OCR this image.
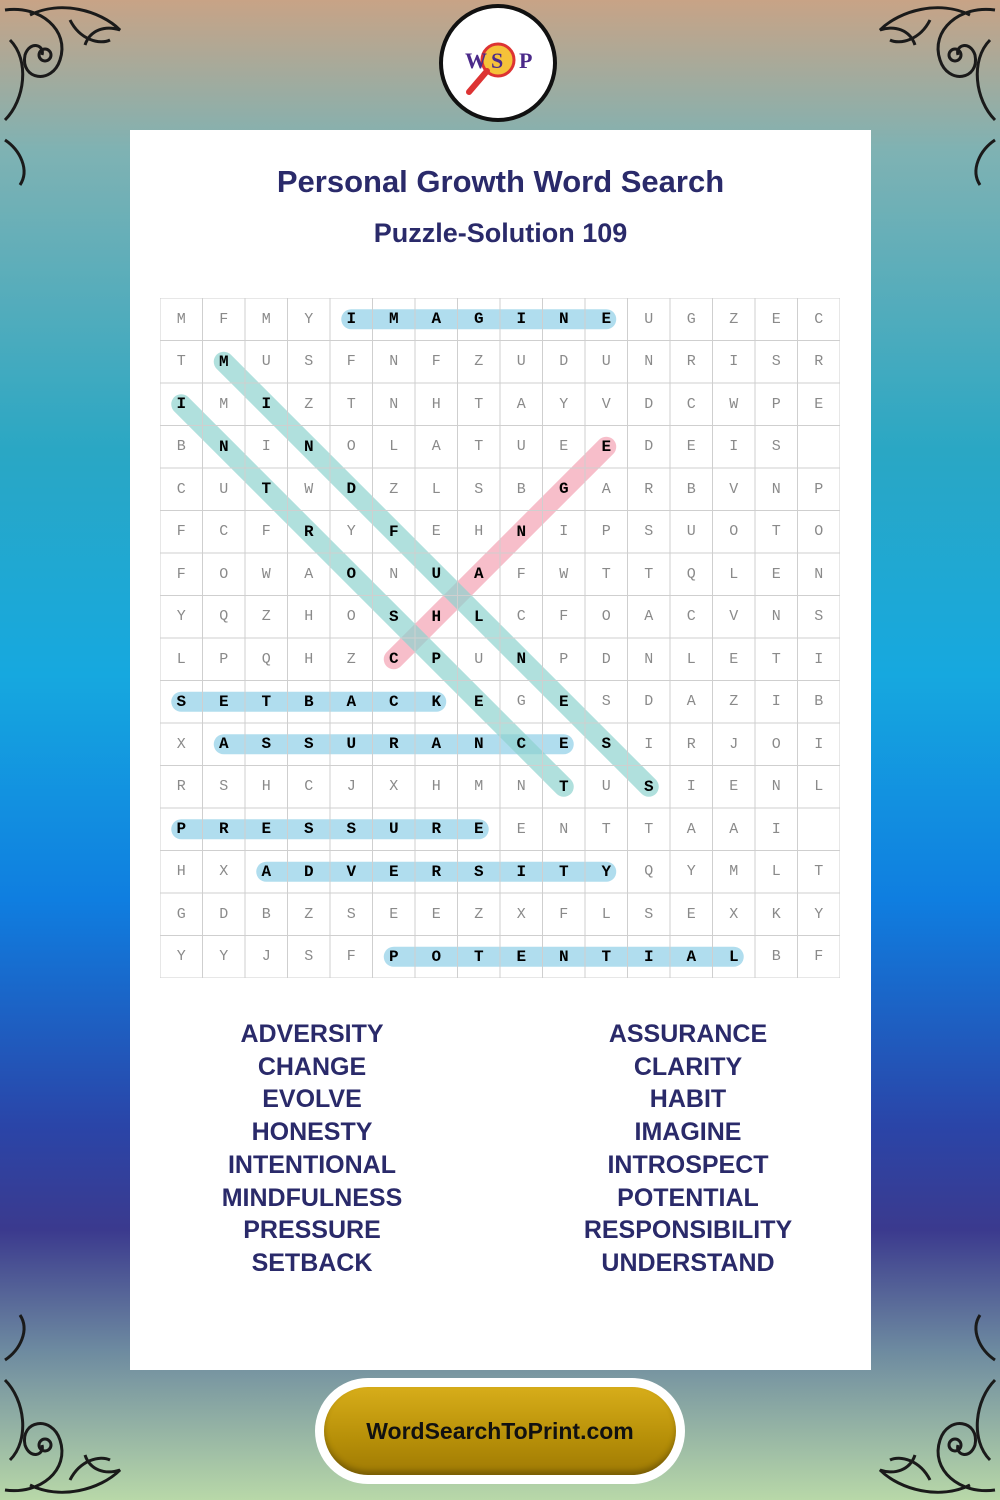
W S P
Personal Growth Word Search
Puzzle-Solution 109
M	F	M	Y	I	M	A	G	I	N	E	U	G	Z	E	C
T	M	U	S	F	N	F	Z	U	D	U	N	R	I	S	R
I	M	I	Z	T	N	H	T	A	Y	V	D	C	W	P	E
B	N	I	N	O	L	A	T	U	E	E	D	E	I	S
C	U	T	W	D	Z	L	S	B	G	A	R	B	V	N	P
F	C	F	R	Y	F	E	H	N	I	P	S	U	O	T	O
F	O	W	A	O	N	U	A	F	W	T	T	Q	L	E	N
Y	Q	Z	H	O	S	H	L	C	F	O	A	C	V	N	S
L	P	Q	H	Z	C	P	U	N	P	D	N	L	E	T	I
S	E	T	B	A	C	K	E	G	E	S	D	A	Z	I	B
X	A	S	S	U	R	A	N	C	E	S	I	R	J	O	I
R	S	H	C	J	X	H	M	N	T	U	S	I	E	N	L
P	R	E	S	S	U	R	E	E	N	T	T	A	A	I
H	X	A	D	V	E	R	S	I	T	Y	Q	Y	M	L	T
G	D	B	Z	S	E	E	Z	X	F	L	S	E	X	K	Y
Y	Y	J	S	F	P	O	T	E	N	T	I	A	L	B	F
ADVERSITY
CHANGE
EVOLVE
HONESTY
INTENTIONAL
MINDFULNESS
PRESSURE
SETBACK
ASSURANCE
CLARITY
HABIT
IMAGINE
INTROSPECT
POTENTIAL
RESPONSIBILITY
UNDERSTAND
WordSearchToPrint.com
